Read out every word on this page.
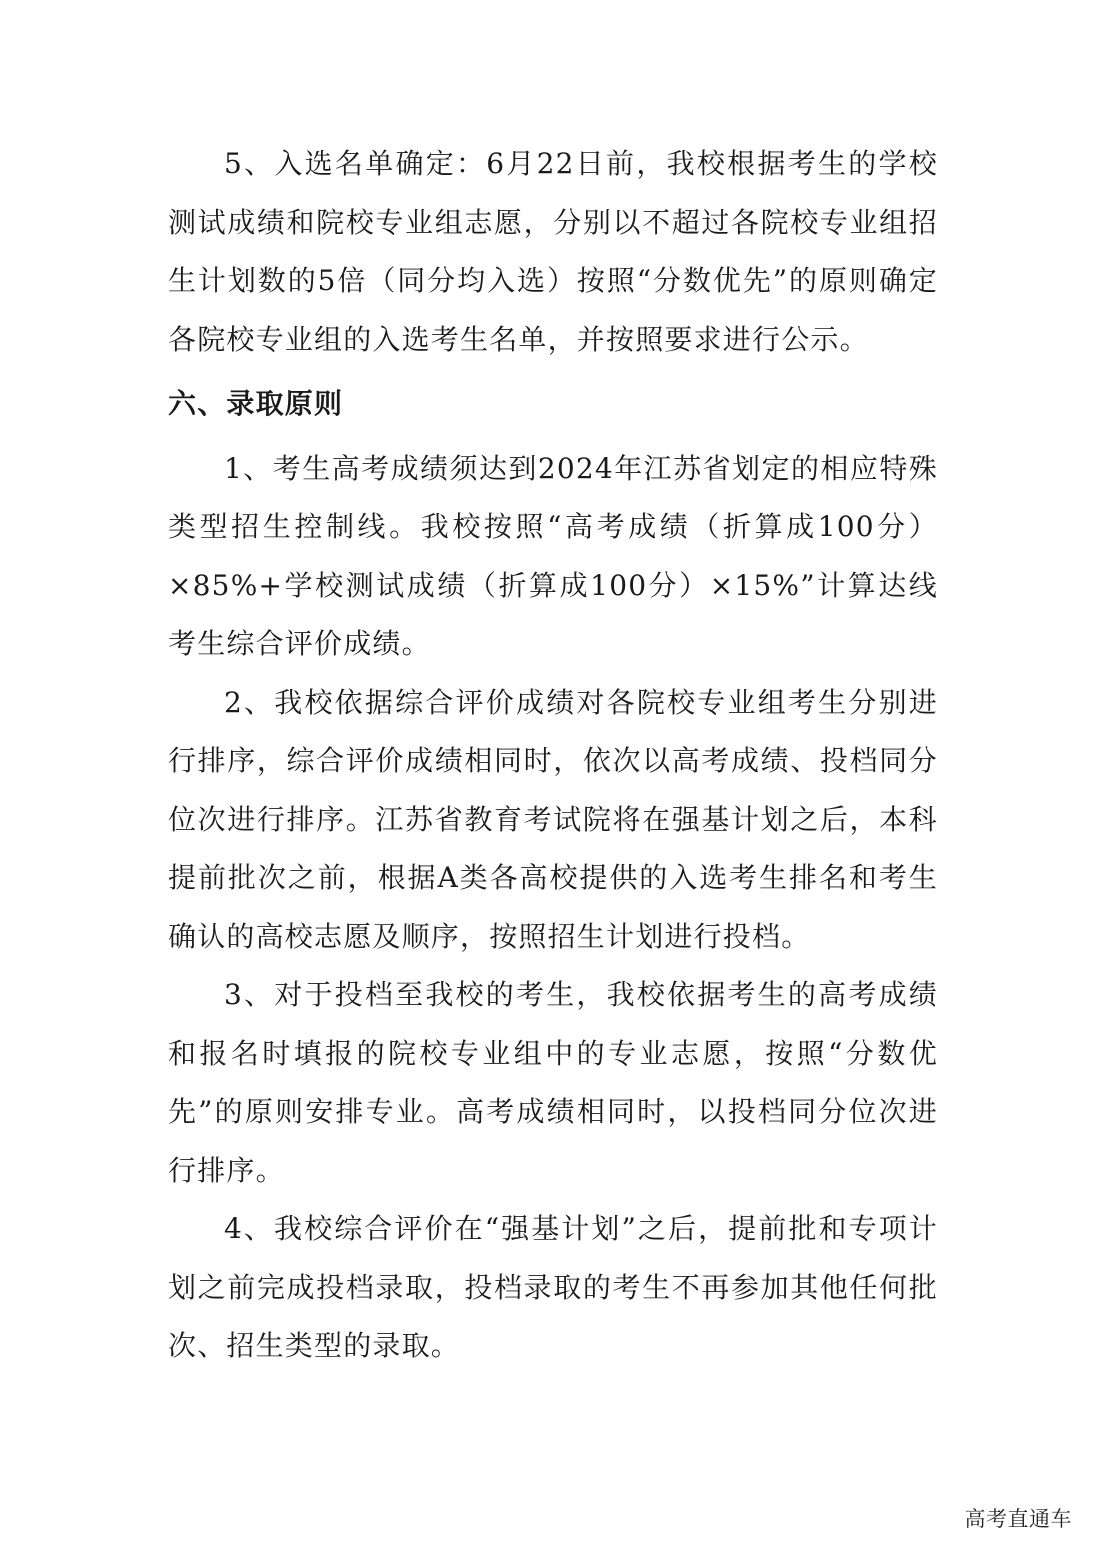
5、入选名单确定：6月22日前，我校根据考生的学校测试成绩和院校专业组志愿，分别以不超过各院校专业组招生计划数的5倍（同分均入选）按照“分数优先”的原则确定各院校专业组的入选考生名单，并按照要求进行公示。

六、录取原则

1、考生高考成绩须达到2024年江苏省划定的相应特殊类型招生控制线。我校按照“高考成绩（折算成100分）×85%+学校测试成绩（折算成100分）×15%”计算达线考生综合评价成绩。

2、我校依据综合评价成绩对各院校专业组考生分别进行排序，综合评价成绩相同时，依次以高考成绩、投档同分位次进行排序。江苏省教育考试院将在强基计划之后，本科提前批次之前，根据A类各高校提供的入选考生排名和考生确认的高校志愿及顺序，按照招生计划进行投档。

3、对于投档至我校的考生，我校依据考生的高考成绩和报名时填报的院校专业组中的专业志愿，按照“分数优先”的原则安排专业。高考成绩相同时，以投档同分位次进行排序。

4、我校综合评价在“强基计划”之后，提前批和专项计划之前完成投档录取，投档录取的考生不再参加其他任何批次、招生类型的录取。

高考直通车
